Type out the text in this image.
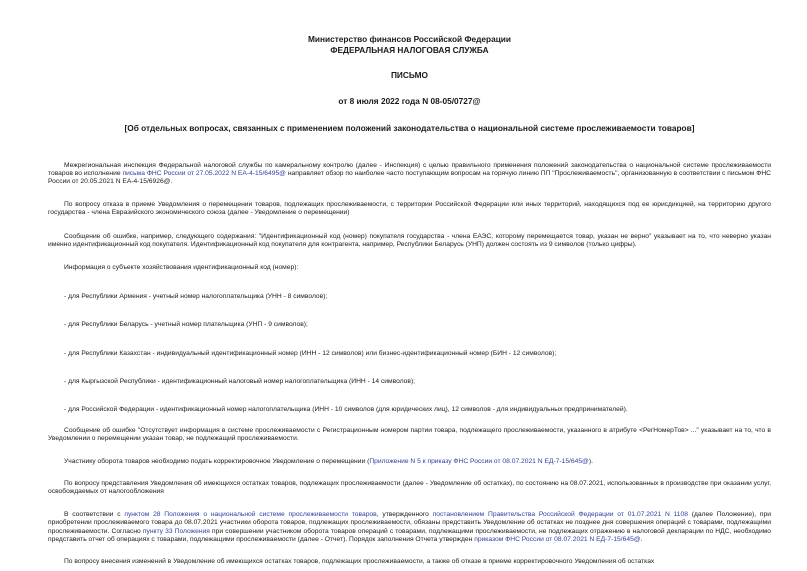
Министерство финансов Российской Федерации
ФЕДЕРАЛЬНАЯ НАЛОГОВАЯ СЛУЖБА
ПИСЬМО
от 8 июля 2022 года N 08-05/0727@
[Об отдельных вопросах, связанных с применением положений законодательства о национальной системе прослеживаемости товаров]

Межрегиональная инспекция Федеральной налоговой службы по камеральному контролю (далее - Инспекция) с целью правильного применения положений законодательства о национальной системе прослеживаемости товаров во исполнение письма ФНС России от 27.05.2022 N ЕА-4-15/6495@ направляет обзор по наиболее часто поступающим вопросам на горячую линию ПП "Прослеживаемость", организованную в соответствии с письмом ФНС России от 20.05.2021 N ЕА-4-15/6926@.

По вопросу отказа в приеме Уведомления о перемещении товаров, подлежащих прослеживаемости, с территории Российской Федерации или иных территорий, находящихся под ее юрисдикцией, на территорию другого государства - члена Евразийского экономического союза (далее - Уведомление о перемещении)

Сообщение об ошибке, например, следующего содержания: "Идентификационный код (номер) покупателя государства - члена ЕАЭС, которому перемещается товар, указан не верно" указывает на то, что неверно указан именно идентификационный код покупателя. Идентификационный код покупателя для контрагента, например, Республики Беларусь (УНП) должен состоять из 9 символов (только цифры).

Информация о субъекте хозяйствования идентификационный код (номер):

- для Республики Армения - учетный номер налогоплательщика (УНН - 8 символов);

- для Республики Беларусь - учетный номер плательщика (УНП - 9 символов);

- для Республики Казахстан - индивидуальный идентификационный номер (ИНН - 12 символов) или бизнес-идентификационный номер (БИН - 12 символов);

- для Кыргызской Республики - идентификационный налоговый номер налогоплательщика (ИНН - 14 символов);

- для Российской Федерации - идентификационный номер налогоплательщика (ИНН - 10 символов (для юридических лиц), 12 символов - для индивидуальных предпринимателей).

Сообщение об ошибке "Отсутствует информация в системе прослеживаемости с Регистрационным номером партии товара, подлежащего прослеживаемости, указанного в атрибуте <РегНомерТов> ..." указывает на то, что в Уведомлении о перемещении указан товар, не подлежащий прослеживаемости.

Участнику оборота товаров необходимо подать корректировочное Уведомление о перемещении (Приложение N 5 к приказу ФНС России от 08.07.2021 N ЕД-7-15/645@).

По вопросу представления Уведомления об имеющихся остатках товаров, подлежащих прослеживаемости (далее - Уведомление об остатках), по состоянию на 08.07.2021, использованных в производстве при оказании услуг, освобождаемых от налогообложения

В соответствии с пунктом 28 Положения о национальной системе прослеживаемости товаров, утвержденного постановлением Правительства Российской Федерации от 01.07.2021 N 1108 (далее Положение), при приобретении прослеживаемого товара до 08.07.2021 участники оборота товаров, подлежащих прослеживаемости, обязаны представить Уведомление об остатках не позднее дня совершения операций с товарами, подлежащими прослеживаемости. Согласно пункту 33 Положения при совершении участником оборота товаров операций с товарами, подлежащими прослеживаемости, не подлежащих отражению в налоговой декларации по НДС, необходимо представить отчет об операциях с товарами, подлежащими прослеживаемости (далее - Отчет). Порядок заполнения Отчета утвержден приказом ФНС России от 08.07.2021 N ЕД-7-15/645@.

По вопросу внесения изменений в Уведомление об имеющихся остатках товаров, подлежащих прослеживаемости, а также об отказе в приеме корректировочного Уведомления об остатках
